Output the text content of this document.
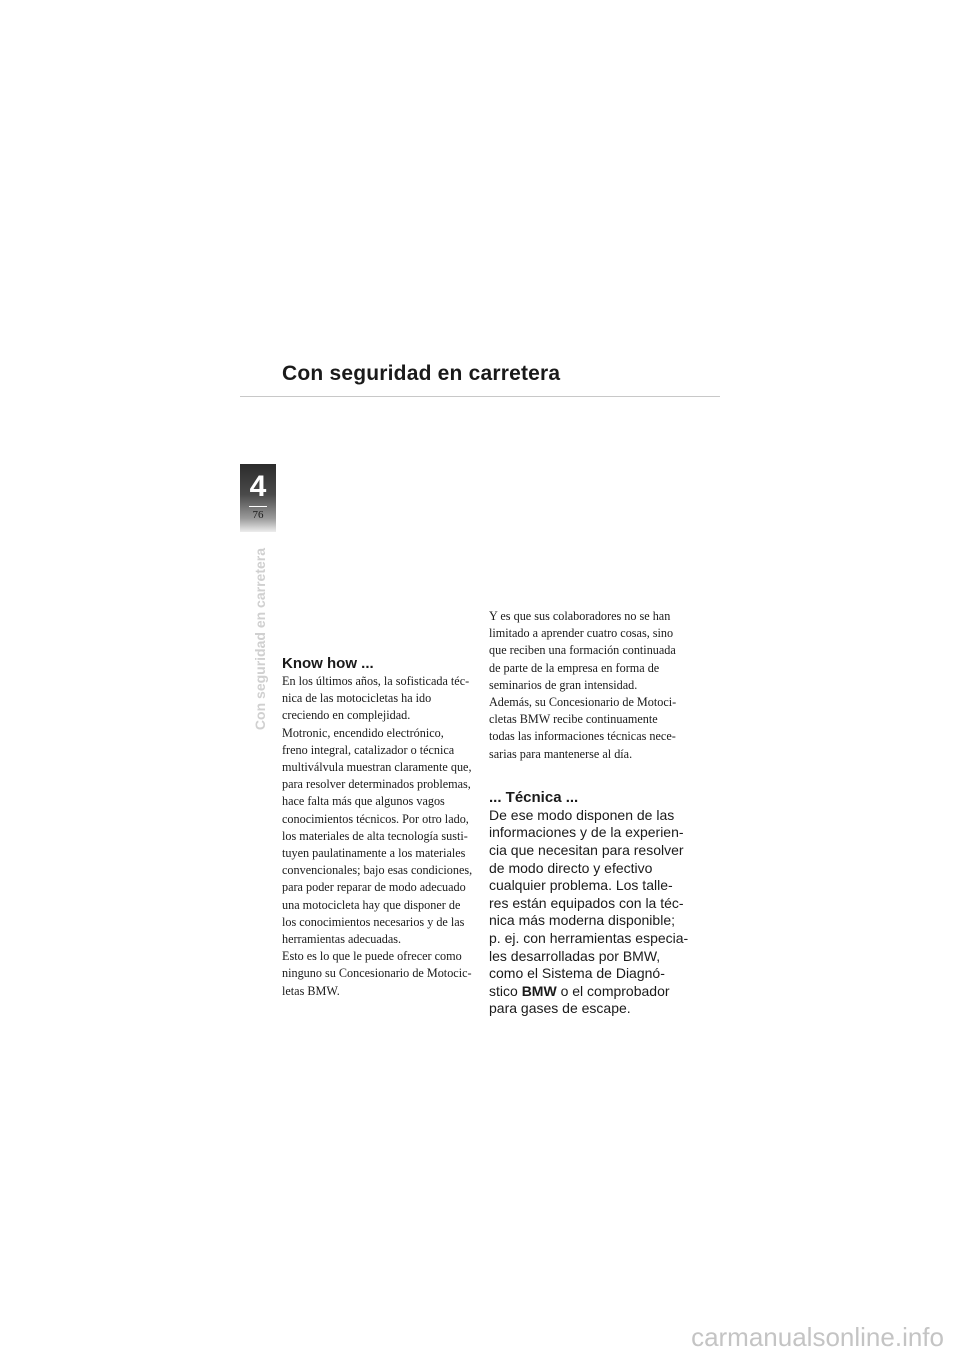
Con seguridad en carretera
4
76
Con seguridad en carretera Know how ...

En los últimos años, la sofisticada téc-
nica de las motocicletas ha ido
creciendo en complejidad.
Motronic, encendido electrónico,
freno integral, catalizador o técnica
multiválvula muestran claramente que,
para resolver determinados problemas,
hace falta más que algunos vagos
conocimientos técnicos. Por otro lado,
los materiales de alta tecnología susti-
tuyen paulatinamente a los materiales
convencionales; bajo esas condiciones,
para poder reparar de modo adecuado
una motocicleta hay que disponer de
los conocimientos necesarios y de las
herramientas adecuadas.
Esto es lo que le puede ofrecer como
ninguno su Concesionario de Motocic-
letas BMW.

Y es que sus colaboradores no se han
limitado a aprender cuatro cosas, sino
que reciben una formación continuada
de parte de la empresa en forma de
seminarios de gran intensidad.
Además, su Concesionario de Motoci-
cletas BMW recibe continuamente
todas las informaciones técnicas nece-
sarias para mantenerse al día.

... Técnica ...

De ese modo disponen de las
informaciones y de la experien-
cia que necesitan para resolver
de modo directo y efectivo
cualquier problema. Los talle-
res están equipados con la téc-
nica más moderna disponible;
p. ej. con herramientas especia-
les desarrolladas por BMW,
como el Sistema de Diagnó-
stico BMW o el comprobador
para gases de escape.

carmanualsonline.info
